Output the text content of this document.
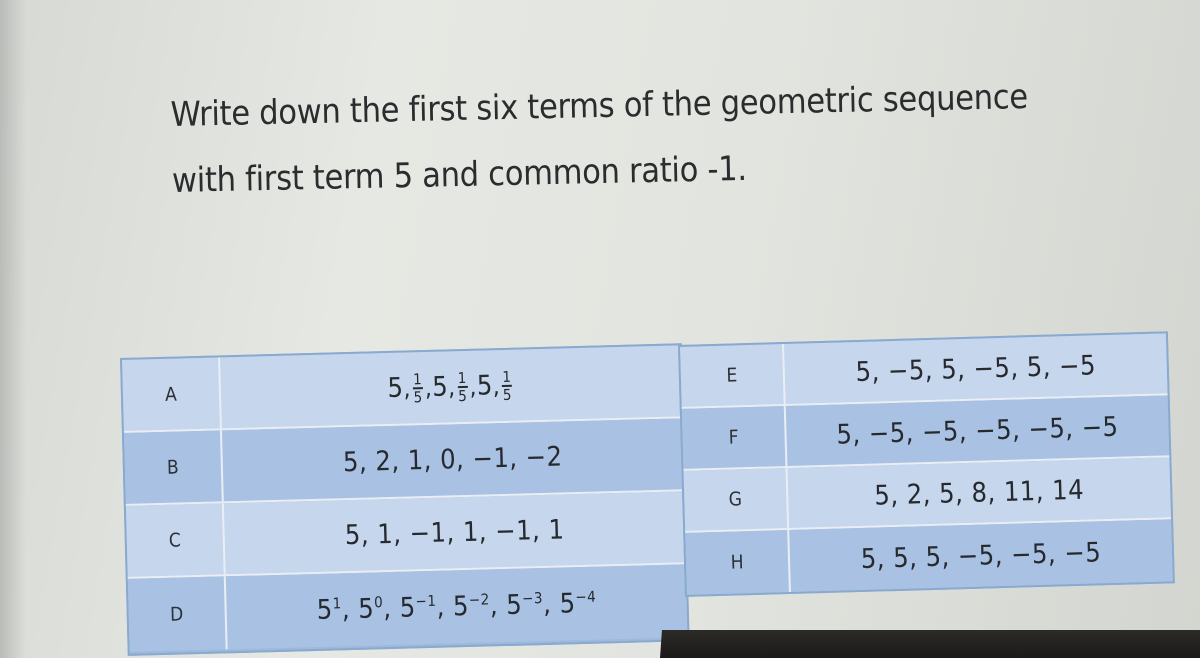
Write down the first six terms of the geometric sequence
with first term 5 and common ratio -1.
A	5 , $\frac{1}{5}$ , 5 , $\frac{1}{5}$ , 5 , $\frac{1}{5}$
B	5, 2, 1, 0, −1, −2
C	5, 1, −1, 1, −1, 1
D	$5^1$, $5^0$, $5^{-1}$, $5^{-2}$, $5^{-3}$, $5^{-4}$
E	5, −5, 5, −5, 5, −5
F	5, −5, −5, −5, −5, −5
G	5, 2, 5, 8, 11, 14
H	5, 5, 5, −5, −5, −5
